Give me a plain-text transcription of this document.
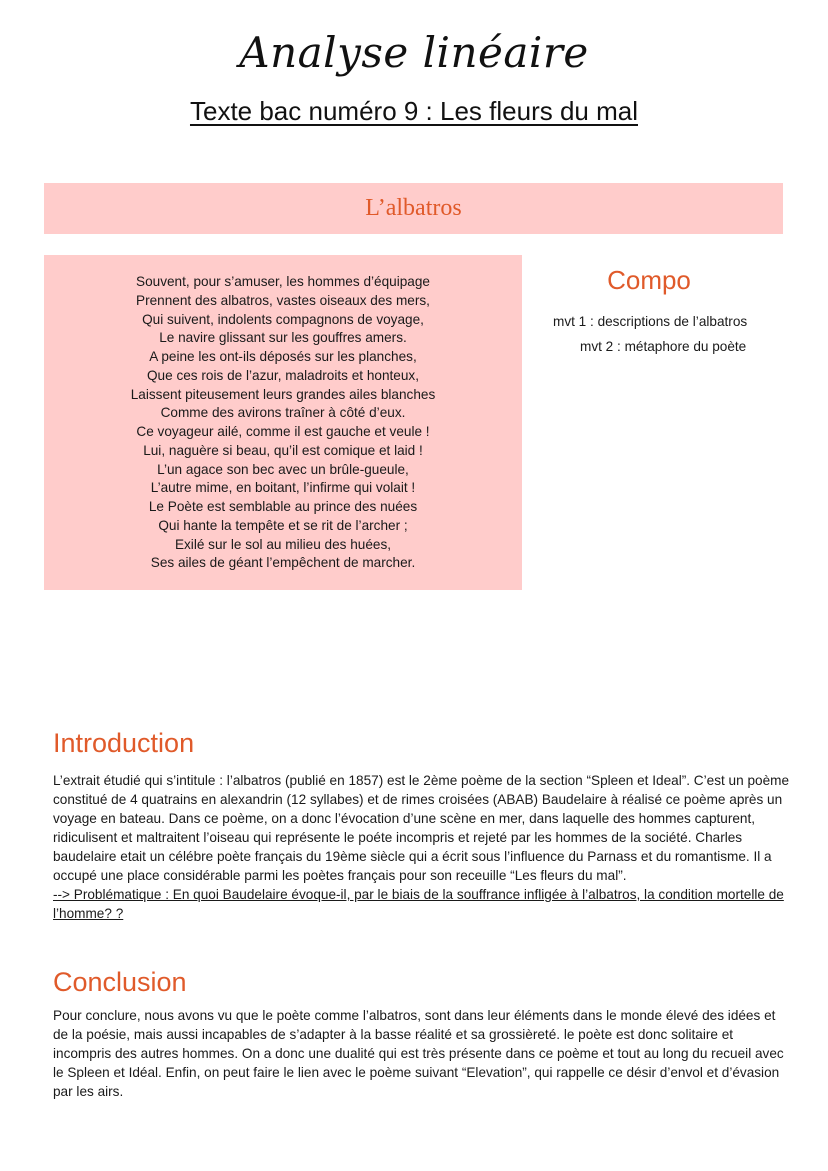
Analyse linéaire
Texte bac numéro 9 : Les fleurs du mal
L’albatros
Souvent, pour s’amuser, les hommes d’équipage
Prennent des albatros, vastes oiseaux des mers,
Qui suivent, indolents compagnons de voyage,
Le navire glissant sur les gouffres amers.
A peine les ont-ils déposés sur les planches,
Que ces rois de l’azur, maladroits et honteux,
Laissent piteusement leurs grandes ailes blanches
Comme des avirons traîner à côté d’eux.
Ce voyageur ailé, comme il est gauche et veule !
Lui, naguère si beau, qu’il est comique et laid !
L’un agace son bec avec un brûle-gueule,
L’autre mime, en boitant, l’infirme qui volait !
Le Poète est semblable au prince des nuées
Qui hante la tempête et se rit de l’archer ;
Exilé sur le sol au milieu des huées,
Ses ailes de géant l’empêchent de marcher.
Compo
mvt 1 : descriptions de l’albatros
mvt 2 : métaphore du poète
Introduction
L’extrait étudié qui s’intitule : l’albatros (publié en 1857) est le 2ème poème de la section “Spleen et Ideal”. C’est un poème constitué de 4 quatrains en alexandrin (12 syllabes) et de rimes croisées (ABAB) Baudelaire à réalisé ce poème après un voyage en bateau. Dans ce poème, on a donc l’évocation d’une scène en mer, dans laquelle des hommes capturent, ridiculisent et maltraitent l’oiseau qui représente le poéte incompris et rejeté par les hommes de la société. Charles baudelaire etait un célébre poète français du 19ème siècle qui a écrit sous l’influence du Parnass et du romantisme. Il a occupé une place considérable parmi les poètes français pour son receuille “Les fleurs du mal”.
--> Problématique : En quoi Baudelaire évoque-il, par le biais de la souffrance infligée à l’albatros, la condition mortelle de l’homme? ?
Conclusion
Pour conclure, nous avons vu que le poète comme l’albatros, sont dans leur éléments dans le monde élevé des idées et de la poésie, mais aussi incapables de s’adapter à la basse réalité et sa grossièreté. le poète est donc solitaire et incompris des autres hommes. On a donc une dualité qui est très présente dans ce poème et tout au long du recueil avec le Spleen et Idéal. Enfin, on peut faire le lien avec le poème suivant “Elevation”, qui rappelle ce désir d’envol et d’évasion par les airs.
